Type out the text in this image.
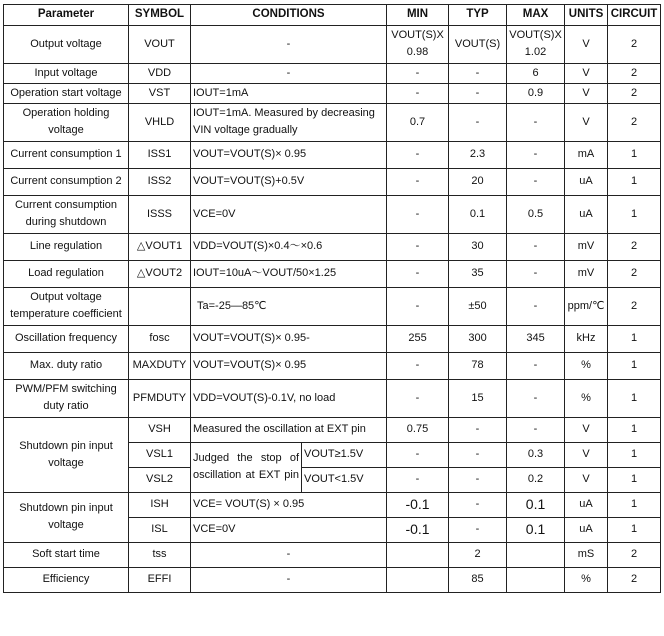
Parameter	SYMBOL	CONDITIONS		MIN	TYP	MAX	UNITS	CIRCUIT
Output voltage	VOUT	-		VOUT(S)X 0.98	VOUT(S)	VOUT(S)X 1.02	V	2
Input voltage	VDD	-		-	-	6	V	2
Operation start voltage	VST	IOUT=1mA		-	-	0.9	V	2
Operation holding voltage	VHLD	IOUT=1mA. Measured by decreasing VIN voltage gradually		0.7	-	-	V	2
Current consumption 1	ISS1	VOUT=VOUT(S)× 0.95		-	2.3	-	mA	1
Current consumption 2	ISS2	VOUT=VOUT(S)+0.5V		-	20	-	uA	1
Current consumption during shutdown	ISSS	VCE=0V		-	0.1	0.5	uA	1
Line regulation	△VOUT1	VDD=VOUT(S)×0.4～×0.6		-	30	-	mV	2
Load regulation	△VOUT2	IOUT=10uA～VOUT/50×1.25		-	35	-	mV	2
Output voltage temperature coefficient		Ta=-25—85℃		-	±50	-	ppm/℃	2
Oscillation frequency	fosc	VOUT=VOUT(S)× 0.95-		255	300	345	kHz	1
Max. duty ratio	MAXDUTY	VOUT=VOUT(S)× 0.95		-	78	-	%	1
PWM/PFM switching duty ratio	PFMDUTY	VDD=VOUT(S)-0.1V, no load		-	15	-	%	1
Shutdown pin input voltage	VSH	Measured the oscillation at EXT pin		0.75	-	-	V	1
	VSL1	Judged the stop of oscillation at EXT pin	VOUT≥1.5V	-	-	0.3	V	1
	VSL2		VOUT<1.5V	-	-	0.2	V	1
Shutdown pin input voltage	ISH	VCE= VOUT(S) × 0.95		-0.1	-	0.1	uA	1
	ISL	VCE=0V		-0.1	-	0.1	uA	1
Soft start time	tss	-			2		mS	2
Efficiency	EFFI	-			85		%	2
